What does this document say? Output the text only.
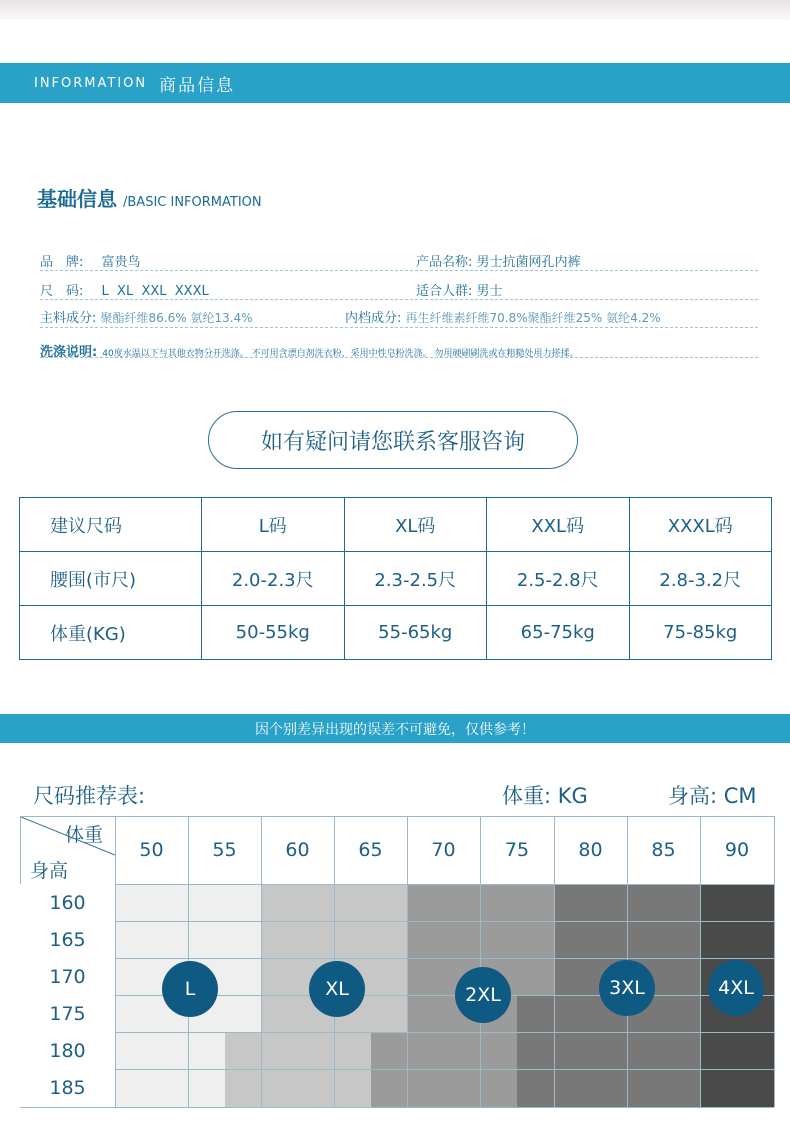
INFORMATION 商品信息
基础信息 /BASIC INFORMATION
品　牌: 富贵鸟	产品名称: 男士抗菌网孔内裤
尺　码: L  XL  XXL  XXXL	适合人群: 男士
主料成分: 聚酯纤维86.6% 氨纶13.4%	内档成分: 再生纤维素纤维70.8%聚酯纤维25% 氨纶4.2%
洗涤说明: 40度水温以下与其他衣物分开洗涤。 不可用含漂白剂洗衣粉，采用中性皂粉洗涤。 勿用硬刷刷洗或在粗糙处用力搓揉。
如有疑问请您联系客服咨询
建议尺码	L码	XL码	XXL码	XXXL码
腰围(市尺)	2.0-2.3尺	2.3-2.5尺	2.5-2.8尺	2.8-3.2尺
体重(KG)	50-55kg	55-65kg	65-75kg	75-85kg
因个别差异出现的误差不可避免，仅供参考！
尺码推荐表:	体重: KG	身高: CM
体重
身高
50	55	60	65	70	75	80	85	90
160
165
170
175
180
185
L	XL	2XL	3XL	4XL
